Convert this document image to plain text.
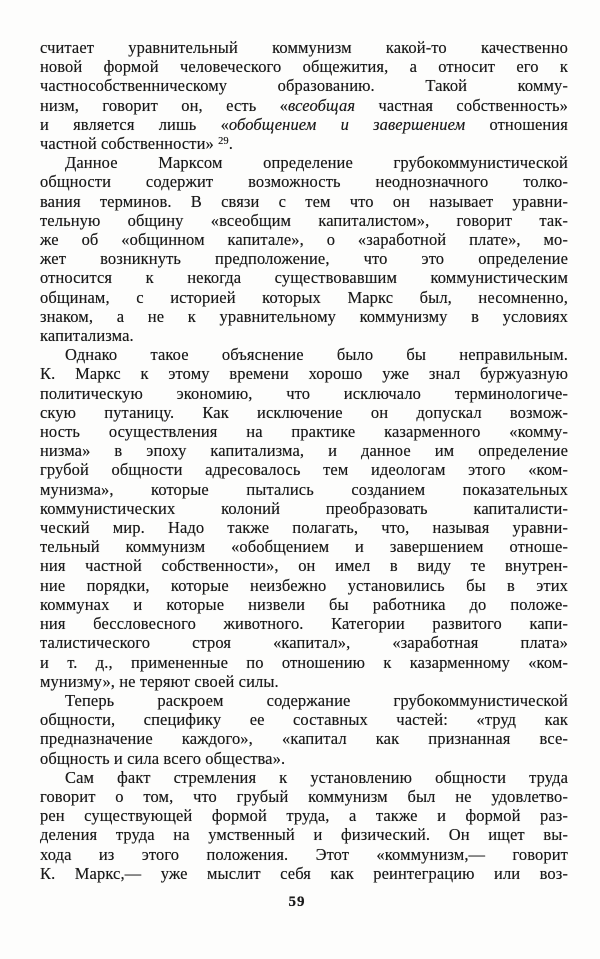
считает уравнительный коммунизм какой-то качественно
новой формой человеческого общежития, а относит его к
частнособственническому образованию. Такой комму-
низм, говорит он, есть «всеобщая частная собственность»
и является лишь «обобщением и завершением отношения
частной собственности» $^{29}$.
Данное Марксом определение грубокоммунистической
общности содержит возможность неоднозначного толко-
вания терминов. В связи с тем что он называет уравни-
тельную общину «всеобщим капиталистом», говорит так-
же об «общинном капитале», о «заработной плате», мо-
жет возникнуть предположение, что это определение
относится к некогда существовавшим коммунистическим
общинам, с историей которых Маркс был, несомненно,
знаком, а не к уравнительному коммунизму в условиях
капитализма.
Однако такое объяснение было бы неправильным.
К. Маркс к этому времени хорошо уже знал буржуазную
политическую экономию, что исключало терминологиче-
скую путаницу. Как исключение он допускал возмож-
ность осуществления на практике казарменного «комму-
низма» в эпоху капитализма, и данное им определение
грубой общности адресовалось тем идеологам этого «ком-
мунизма», которые пытались созданием показательных
коммунистических колоний преобразовать капиталисти-
ческий мир. Надо также полагать, что, называя уравни-
тельный коммунизм «обобщением и завершением отноше-
ния частной собственности», он имел в виду те внутрен-
ние порядки, которые неизбежно установились бы в этих
коммунах и которые низвели бы работника до положе-
ния бессловесного животного. Категории развитого капи-
талистического строя «капитал», «заработная плата»
и т. д., примененные по отношению к казарменному «ком-
мунизму», не теряют своей силы.
Теперь раскроем содержание грубокоммунистической
общности, специфику ее составных частей: «труд как
предназначение каждого», «капитал как признанная все-
общность и сила всего общества».
Сам факт стремления к установлению общности труда
говорит о том, что грубый коммунизм был не удовлетво-
рен существующей формой труда, а также и формой раз-
деления труда на умственный и физический. Он ищет вы-
хода из этого положения. Этот «коммунизм,— говорит
К. Маркс,— уже мыслит себя как реинтеграцию или воз-
59
